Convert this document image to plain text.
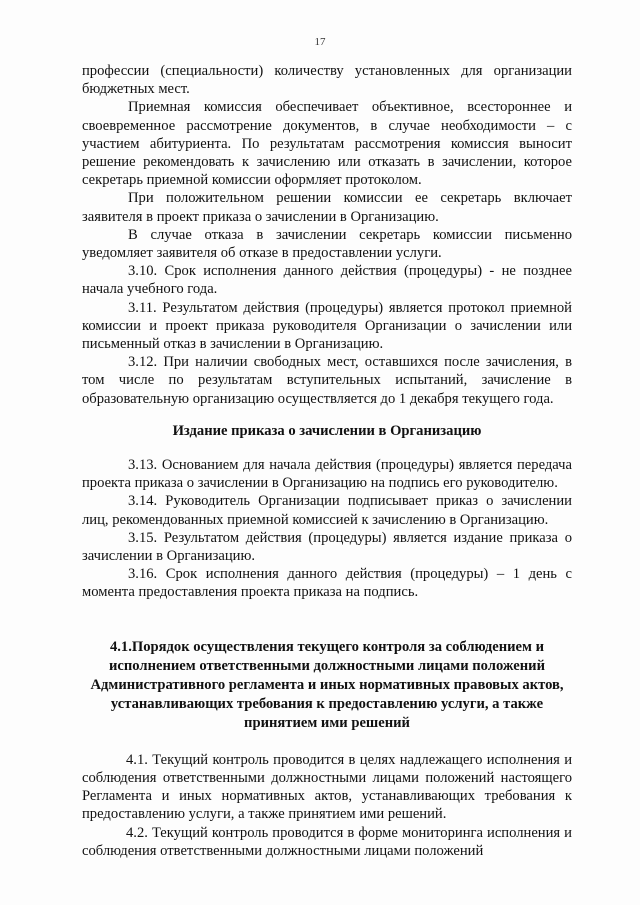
17

профессии (специальности) количеству установленных для организации бюджетных мест.

Приемная комиссия обеспечивает объективное, всестороннее и своевременное рассмотрение документов, в случае необходимости – с участием абитуриента. По результатам рассмотрения комиссия выносит решение рекомендовать к зачислению или отказать в зачислении, которое секретарь приемной комиссии оформляет протоколом.

При положительном решении комиссии ее секретарь включает заявителя в проект приказа о зачислении в Организацию.

В случае отказа в зачислении секретарь комиссии письменно уведомляет заявителя об отказе в предоставлении услуги.

3.10. Срок исполнения данного действия (процедуры) - не позднее начала учебного года.

3.11. Результатом действия (процедуры) является протокол приемной комиссии и проект приказа руководителя Организации о зачислении или письменный отказ в зачислении в Организацию.

3.12. При наличии свободных мест, оставшихся после зачисления, в том числе по результатам вступительных испытаний, зачисление в образовательную организацию осуществляется до 1 декабря текущего года.

Издание приказа о зачислении в Организацию

3.13. Основанием для начала действия (процедуры) является передача проекта приказа о зачислении в Организацию на подпись его руководителю.

3.14. Руководитель Организации подписывает приказ о зачислении лиц, рекомендованных приемной комиссией к зачислению в Организацию.

3.15. Результатом действия (процедуры) является издание приказа о зачислении в Организацию.

3.16. Срок исполнения данного действия (процедуры) – 1 день с момента предоставления проекта приказа на подпись.

4.1.Порядок осуществления текущего контроля за соблюдением и исполнением ответственными должностными лицами положений Административного регламента и иных нормативных правовых актов, устанавливающих требования к предоставлению услуги, а также принятием ими решений

4.1. Текущий контроль проводится в целях надлежащего исполнения и соблюдения ответственными должностными лицами положений настоящего Регламента и иных нормативных актов, устанавливающих требования к предоставлению услуги, а также принятием ими решений.

4.2. Текущий контроль проводится в форме мониторинга исполнения и соблюдения ответственными должностными лицами положений
